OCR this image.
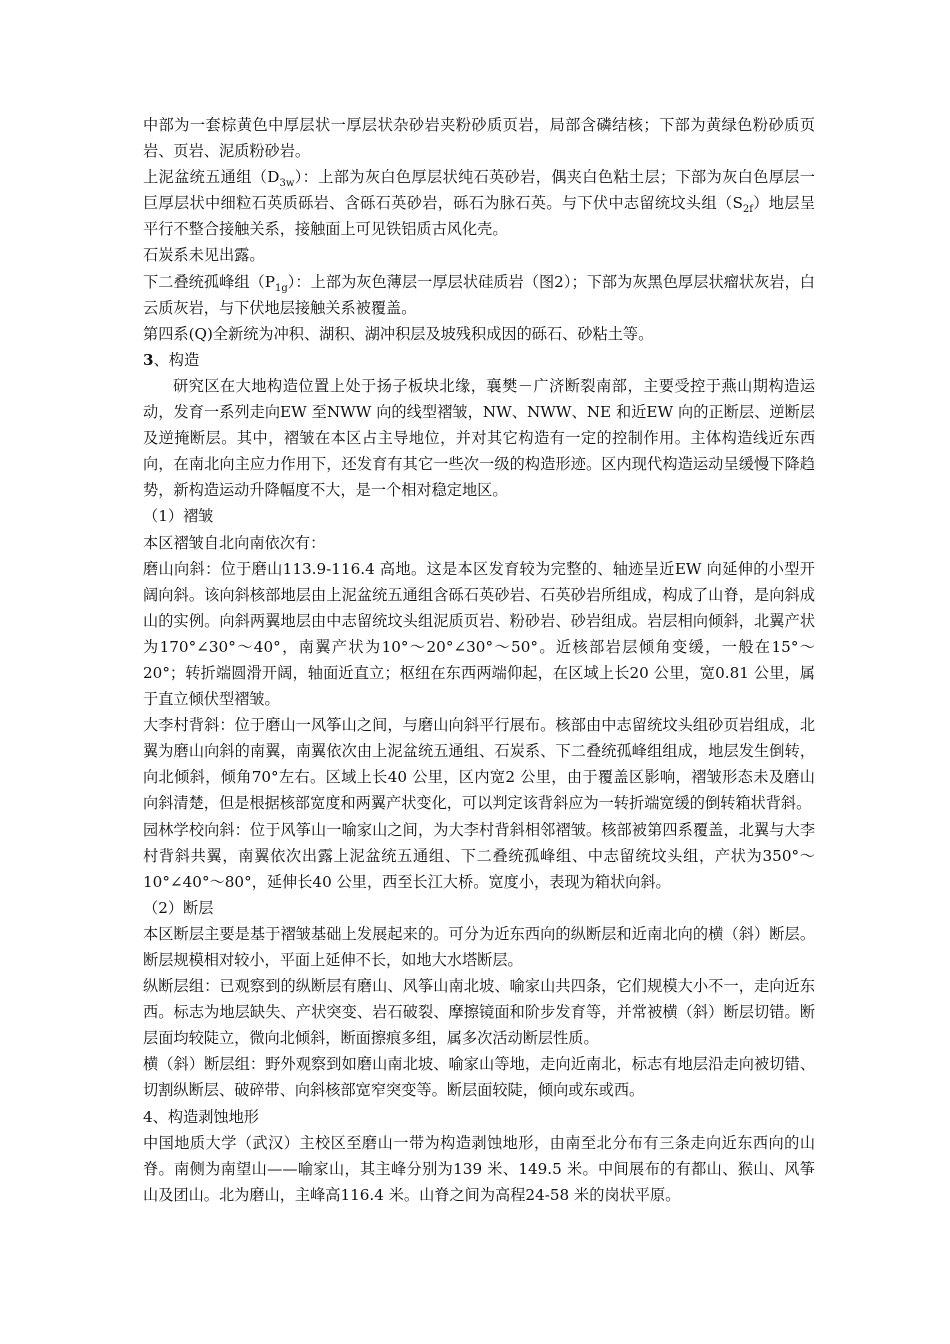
中部为一套棕黄色中厚层状一厚层状杂砂岩夹粉砂质页岩，局部含磷结核；下部为黄绿色粉砂质页岩、页岩、泥质粉砂岩。

上泥盆统五通组$(D_{3w})$：上部为灰白色厚层状纯石英砂岩，偶夹白色粘土层；下部为灰白色厚层一巨厚层状中细粒石英质砾岩、含砾石英砂岩，砾石为脉石英。与下伏中志留统坟头组$(S_{2f})$地层呈平行不整合接触关系，接触面上可见铁铝质古风化壳。

石炭系未见出露。

下二叠统孤峰组$(P_{1g})$：上部为灰色薄层一厚层状硅质岩（图2）；下部为灰黑色厚层状瘤状灰岩，白云质灰岩，与下伏地层接触关系被覆盖。

第四系(Q)全新统为冲积、湖积、湖冲积层及坡残积成因的砾石、砂粘土等。

3、构造

研究区在大地构造位置上处于扬子板块北缘，襄樊－广济断裂南部，主要受控于燕山期构造运动，发育一系列走向EW 至NWW 向的线型褶皱，NW、NWW、NE 和近EW 向的正断层、逆断层及逆掩断层。其中，褶皱在本区占主导地位，并对其它构造有一定的控制作用。主体构造线近东西向，在南北向主应力作用下，还发育有其它一些次一级的构造形迹。区内现代构造运动呈缓慢下降趋势，新构造运动升降幅度不大，是一个相对稳定地区。

（1）褶皱

本区褶皱自北向南依次有：

磨山向斜：位于磨山113.9-116.4 高地。这是本区发育较为完整的、轴迹呈近EW 向延伸的小型开阔向斜。该向斜核部地层由上泥盆统五通组含砾石英砂岩、石英砂岩所组成，构成了山脊，是向斜成山的实例。向斜两翼地层由中志留统坟头组泥质页岩、粉砂岩、砂岩组成。岩层相向倾斜，北翼产状为170°∠30°～40°，南翼产状为10°～20°∠30°～50°。近核部岩层倾角变缓，一般在15°～20°；转折端圆滑开阔，轴面近直立；枢纽在东西两端仰起，在区域上长20 公里，宽0.81 公里，属于直立倾伏型褶皱。

大李村背斜：位于磨山一风筝山之间，与磨山向斜平行展布。核部由中志留统坟头组砂页岩组成，北翼为磨山向斜的南翼，南翼依次由上泥盆统五通组、石炭系、下二叠统孤峰组组成，地层发生倒转，向北倾斜，倾角70°左右。区域上长40 公里，区内宽2 公里，由于覆盖区影响，褶皱形态未及磨山向斜清楚，但是根据核部宽度和两翼产状变化，可以判定该背斜应为一转折端宽缓的倒转箱状背斜。

园林学校向斜：位于风筝山一喻家山之间，为大李村背斜相邻褶皱。核部被第四系覆盖，北翼与大李村背斜共翼，南翼依次出露上泥盆统五通组、下二叠统孤峰组、中志留统坟头组，产状为350°～10°∠40°～80°，延伸长40 公里，西至长江大桥。宽度小，表现为箱状向斜。

（2）断层

本区断层主要是基于褶皱基础上发展起来的。可分为近东西向的纵断层和近南北向的横（斜）断层。断层规模相对较小，平面上延伸不长，如地大水塔断层。

纵断层组：已观察到的纵断层有磨山、风筝山南北坡、喻家山共四条，它们规模大小不一，走向近东西。标志为地层缺失、产状突变、岩石破裂、摩擦镜面和阶步发育等，并常被横（斜）断层切错。断层面均较陡立，微向北倾斜，断面擦痕多组，属多次活动断层性质。

横（斜）断层组：野外观察到如磨山南北坡、喻家山等地，走向近南北，标志有地层沿走向被切错、切割纵断层、破碎带、向斜核部宽窄突变等。断层面较陡，倾向或东或西。

4、构造剥蚀地形

中国地质大学（武汉）主校区至磨山一带为构造剥蚀地形，由南至北分布有三条走向近东西向的山脊。南侧为南望山——喻家山，其主峰分别为139 米、149.5 米。中间展布的有都山、猴山、风筝山及团山。北为磨山，主峰高116.4 米。山脊之间为高程24-58 米的岗状平原。
